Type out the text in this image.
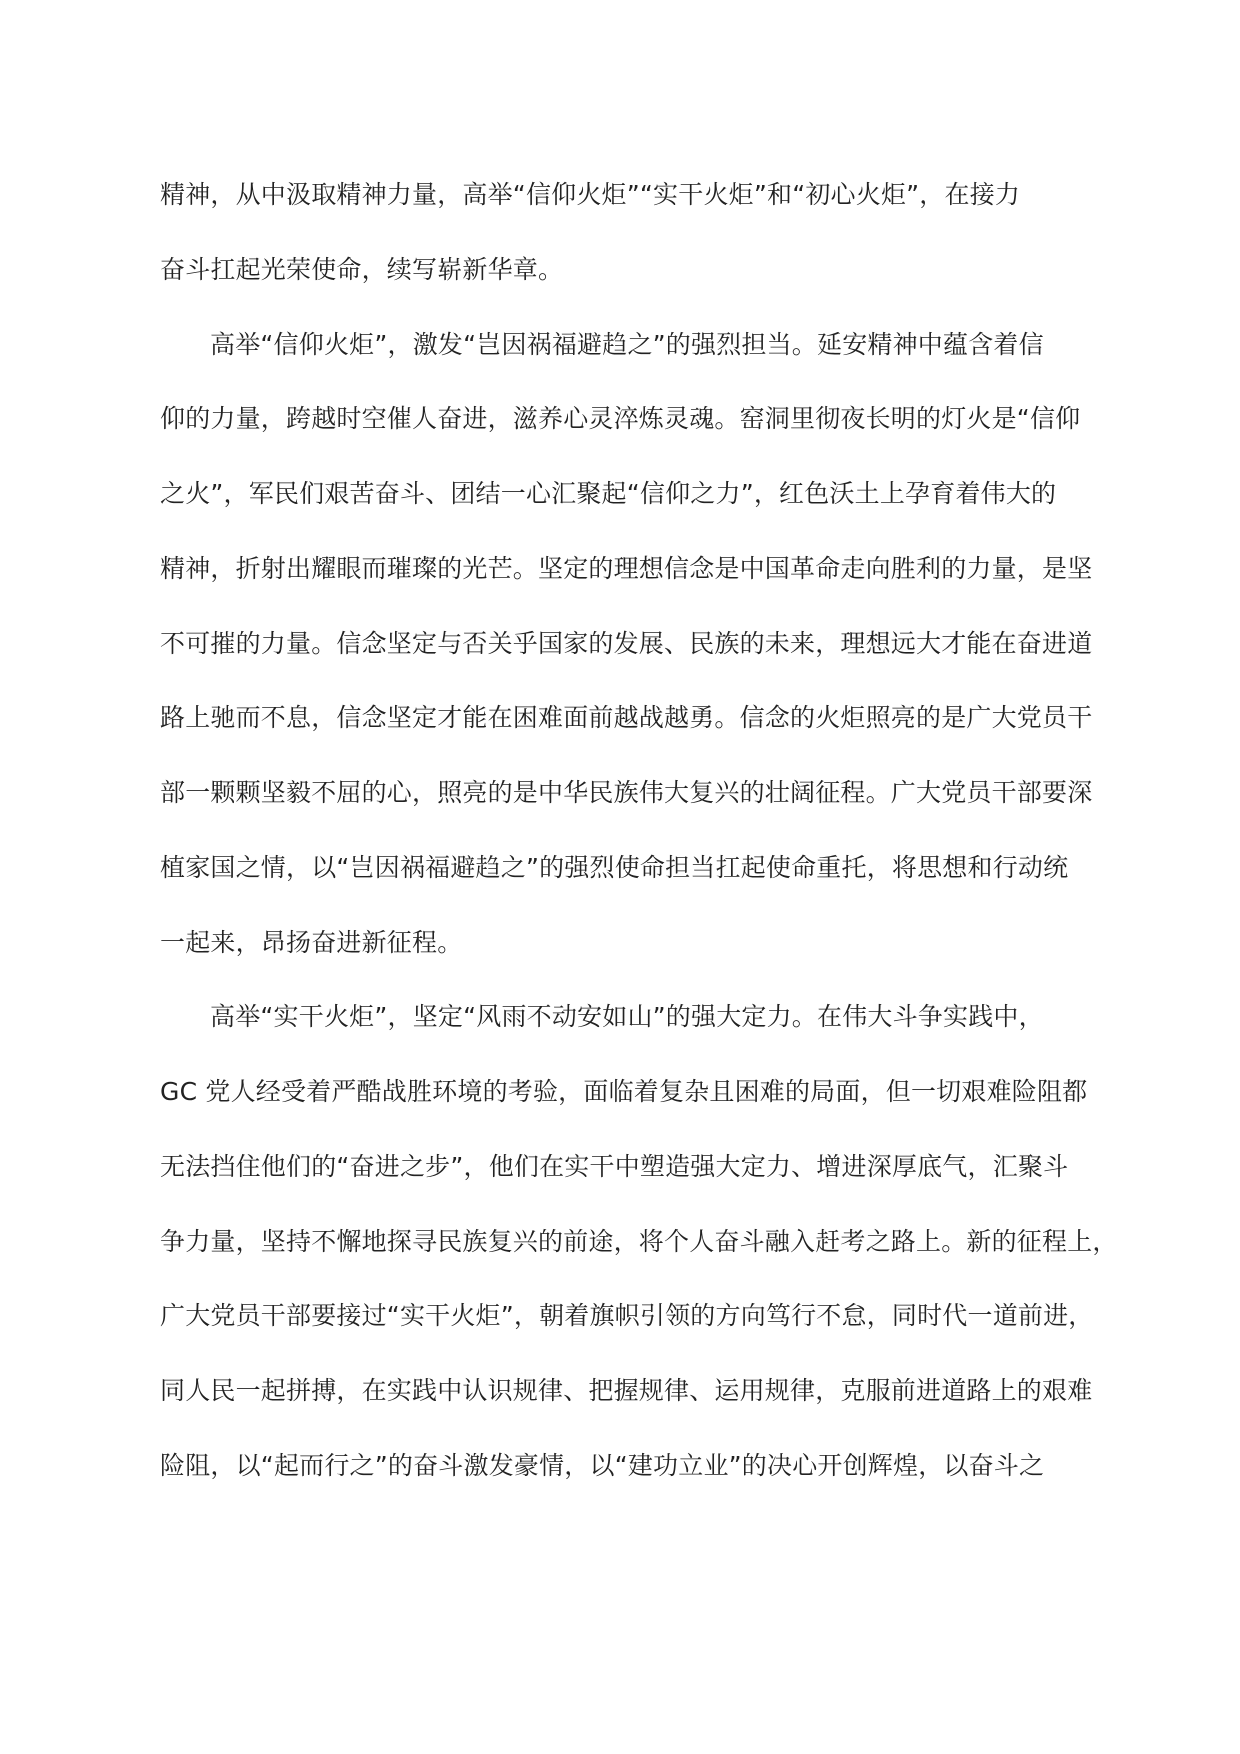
精神，从中汲取精神力量，高举“信仰火炬”“实干火炬”和“初心火炬”，在接力
奋斗扛起光荣使命，续写崭新华章。
高举“信仰火炬”，激发“岂因祸福避趋之”的强烈担当。延安精神中蕴含着信
仰的力量，跨越时空催人奋进，滋养心灵淬炼灵魂。窑洞里彻夜长明的灯火是“信仰
之火”，军民们艰苦奋斗、团结一心汇聚起“信仰之力”，红色沃土上孕育着伟大的
精神，折射出耀眼而璀璨的光芒。坚定的理想信念是中国革命走向胜利的力量，是坚
不可摧的力量。信念坚定与否关乎国家的发展、民族的未来，理想远大才能在奋进道
路上驰而不息，信念坚定才能在困难面前越战越勇。信念的火炬照亮的是广大党员干
部一颗颗坚毅不屈的心，照亮的是中华民族伟大复兴的壮阔征程。广大党员干部要深
植家国之情，以“岂因祸福避趋之”的强烈使命担当扛起使命重托，将思想和行动统
一起来，昂扬奋进新征程。
高举“实干火炬”，坚定“风雨不动安如山”的强大定力。在伟大斗争实践中，
GC 党人经受着严酷战胜环境的考验，面临着复杂且困难的局面，但一切艰难险阻都
无法挡住他们的“奋进之步”，他们在实干中塑造强大定力、增进深厚底气，汇聚斗
争力量，坚持不懈地探寻民族复兴的前途，将个人奋斗融入赶考之路上。新的征程上，
广大党员干部要接过“实干火炬”，朝着旗帜引领的方向笃行不怠，同时代一道前进，
同人民一起拼搏，在实践中认识规律、把握规律、运用规律，克服前进道路上的艰难
险阻，以“起而行之”的奋斗激发豪情，以“建功立业”的决心开创辉煌，以奋斗之
